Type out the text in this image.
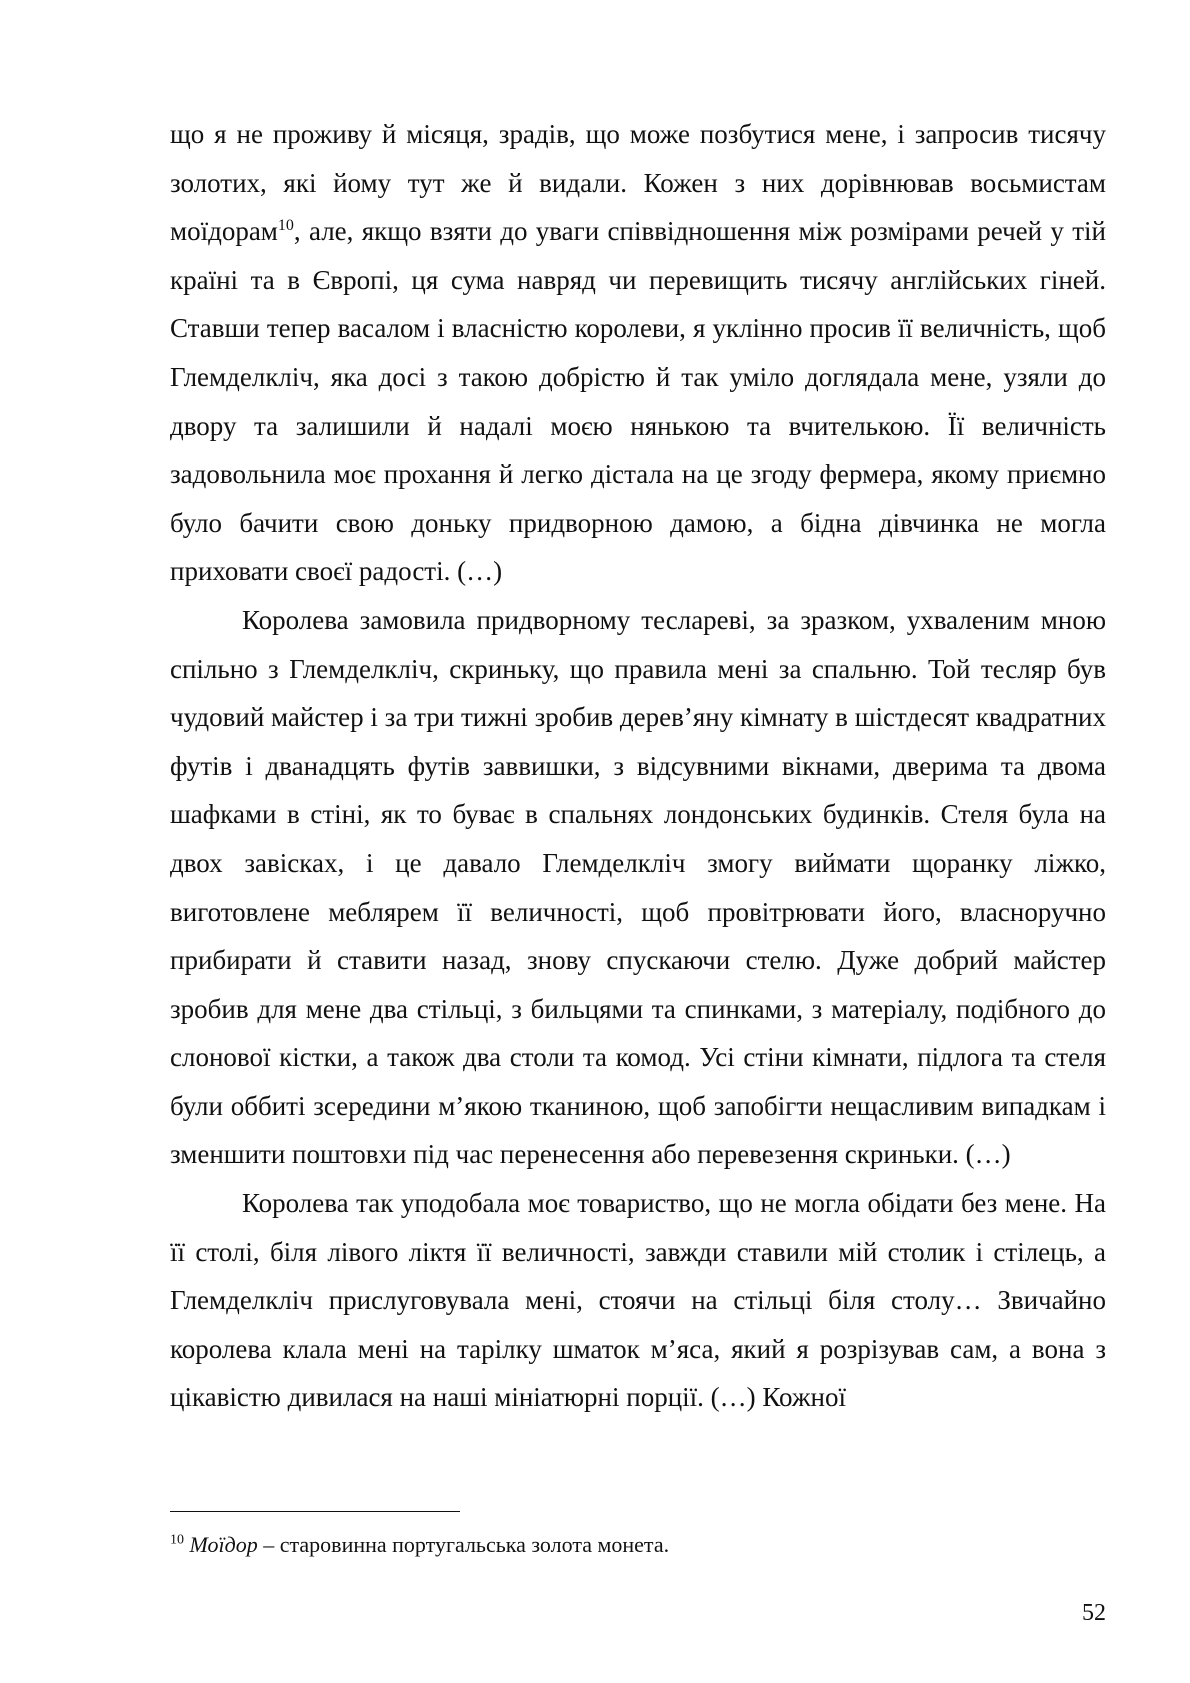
що я не проживу й місяця, зрадів, що може позбутися мене, і запросив тисячу золотих, які йому тут же й видали. Кожен з них дорівнював восьмистам моїдорам$^{10}$, але, якщо взяти до уваги співвідношення між розмірами речей у тій країні та в Європі, ця сума навряд чи перевищить тисячу англійських гіней. Ставши тепер васалом і власністю королеви, я уклінно просив її величність, щоб Глемделкліч, яка досі з такою добрістю й так уміло доглядала мене, узяли до двору та залишили й надалі моєю нянькою та вчителькою. Її величність задовольнила моє прохання й легко дістала на це згоду фермера, якому приємно було бачити свою доньку придворною дамою, а бідна дівчинка не могла приховати своєї радості. (…)

Королева замовила придворному теслареві, за зразком, ухваленим мною спільно з Глемделкліч, скриньку, що правила мені за спальню. Той тесляр був чудовий майстер і за три тижні зробив дерев’яну кімнату в шістдесят квадратних футів і дванадцять футів заввишки, з відсувними вікнами, дверима та двома шафками в стіні, як то буває в спальнях лондонських будинків. Стеля була на двох завісках, і це давало Глемделкліч змогу виймати щоранку ліжко, виготовлене меблярем її величності, щоб провітрювати його, власноручно прибирати й ставити назад, знову спускаючи стелю. Дуже добрий майстер зробив для мене два стільці, з бильцями та спинками, з матеріалу, подібного до слонової кістки, а також два столи та комод. Усі стіни кімнати, підлога та стеля були оббиті зсередини м’якою тканиною, щоб запобігти нещасливим випадкам і зменшити поштовхи під час перенесення або перевезення скриньки. (…)

Королева так уподобала моє товариство, що не могла обідати без мене. На її столі, біля лівого ліктя її величності, завжди ставили мій столик і стілець, а Глемделкліч прислуговувала мені, стоячи на стільці біля столу… Звичайно королева клала мені на тарілку шматок м’яса, який я розрізував сам, а вона з цікавістю дивилася на наші мініатюрні порції. (…) Кожної

$^{10}$ Моїдор – старовинна португальська золота монета.

52
